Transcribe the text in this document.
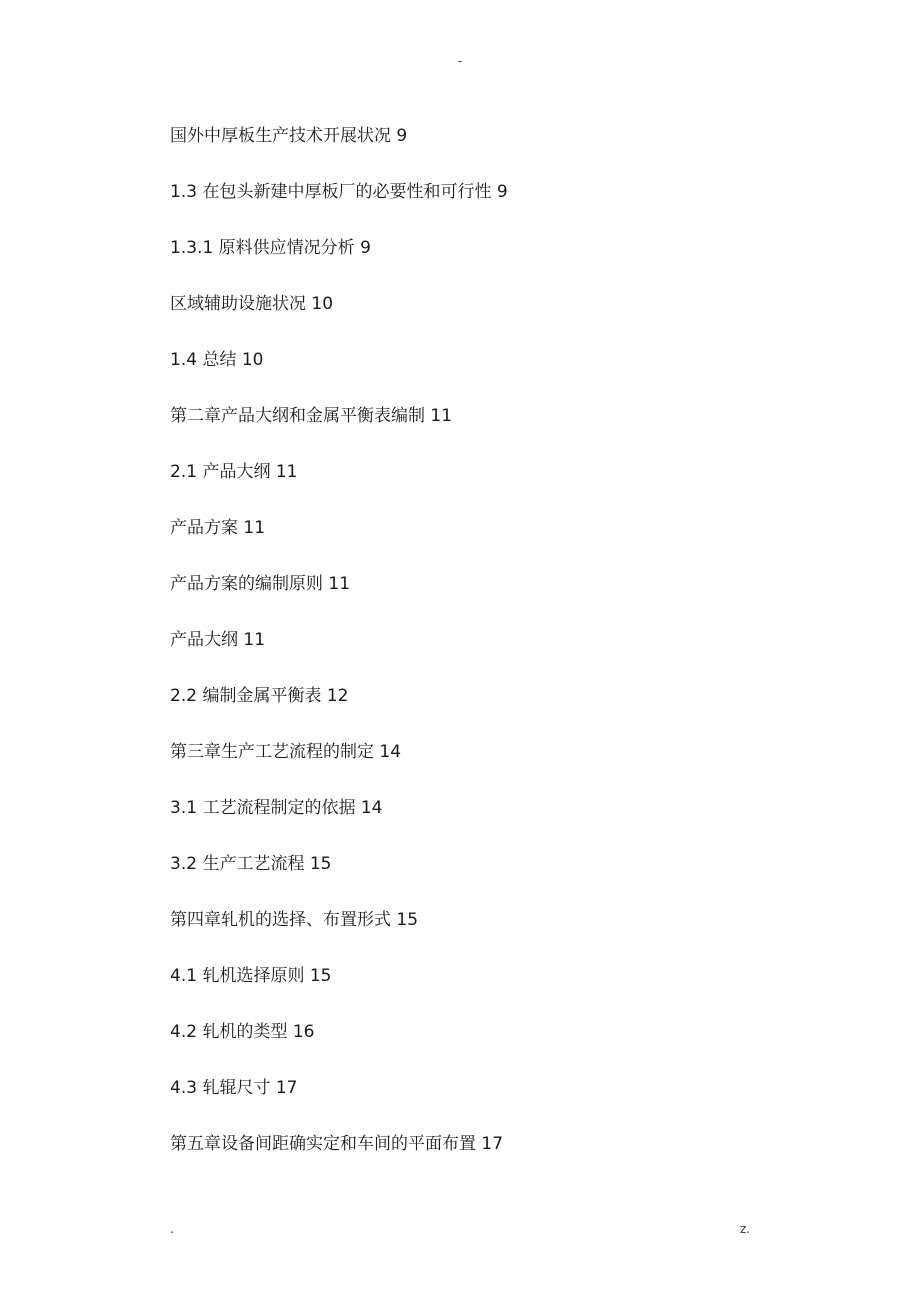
-
国外中厚板生产技术开展状况 9
1.3 在包头新建中厚板厂的必要性和可行性 9
1.3.1 原料供应情况分析 9
区域辅助设施状况 10
1.4 总结 10
第二章产品大纲和金属平衡表编制 11
2.1 产品大纲 11
产品方案 11
产品方案的编制原则 11
产品大纲 11
2.2 编制金属平衡表 12
第三章生产工艺流程的制定 14
3.1 工艺流程制定的依据 14
3.2 生产工艺流程 15
第四章轧机的选择、布置形式 15
4.1 轧机选择原则 15
4.2 轧机的类型 16
4.3 轧辊尺寸 17
第五章设备间距确实定和车间的平面布置 17
.	z.
